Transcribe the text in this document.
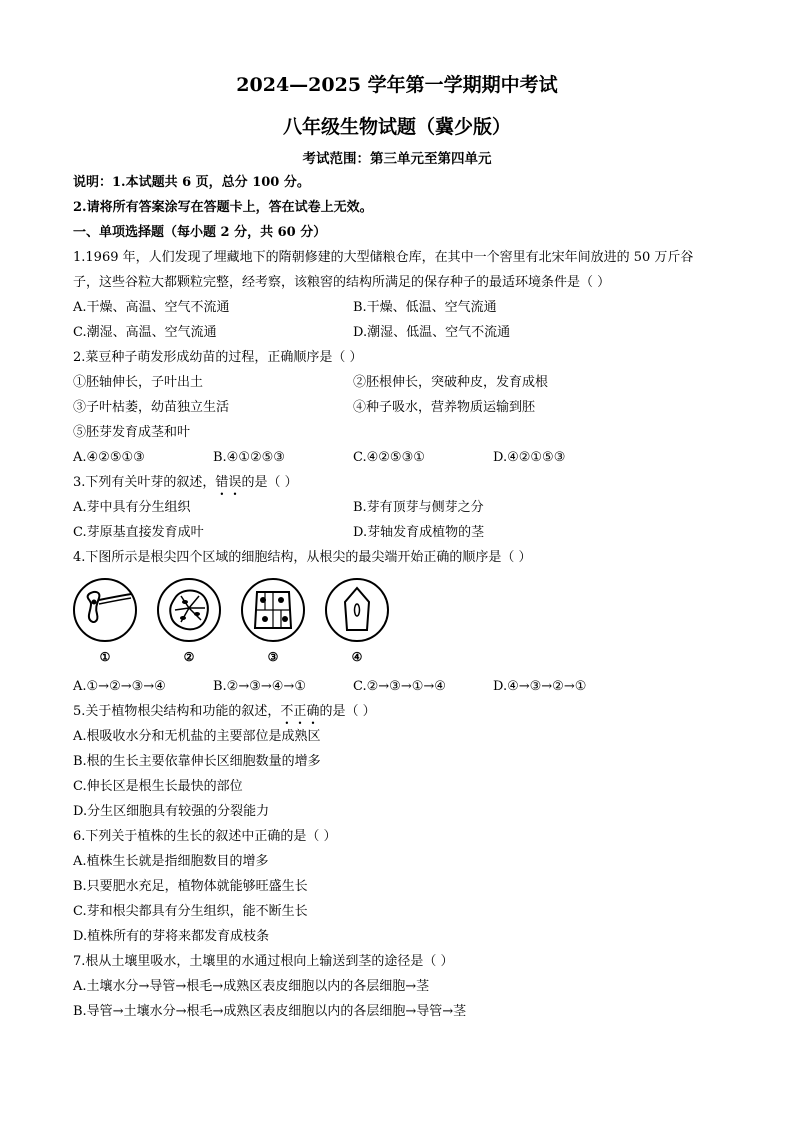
2024—2025 学年第一学期期中考试
八年级生物试题（冀少版）
考试范围：第三单元至第四单元
说明：1.本试题共 6 页，总分 100 分。
2.请将所有答案涂写在答题卡上，答在试卷上无效。
一、单项选择题（每小题 2 分，共 60 分）
1.1969 年，人们发现了埋藏地下的隋朝修建的大型储粮仓库，在其中一个窖里有北宋年间放进的 50 万斤谷
子，这些谷粒大都颗粒完整，经考察，该粮窖的结构所满足的保存种子的最适环境条件是（ ）
A.干燥、高温、空气不流通	B.干燥、低温、空气流通
C.潮湿、高温、空气流通	D.潮湿、低温、空气不流通
2.菜豆种子萌发形成幼苗的过程，正确顺序是（ ）
①胚轴伸长，子叶出土	②胚根伸长，突破种皮，发育成根
③子叶枯萎，幼苗独立生活	④种子吸水，营养物质运输到胚
⑤胚芽发育成茎和叶
A.④②⑤①③	B.④①②⑤③	C.④②⑤③①	D.④②①⑤③
3.下列有关叶芽的叙述，错误的是（ ）
A.芽中具有分生组织	B.芽有顶芽与侧芽之分
C.芽原基直接发育成叶	D.芽轴发育成植物的茎
4.下图所示是根尖四个区域的细胞结构，从根尖的最尖端开始正确的顺序是（ ）
①	②	③	④
A.①→②→③→④	B.②→③→④→①	C.②→③→①→④	D.④→③→②→①
5.关于植物根尖结构和功能的叙述，不正确的是（ ）
A.根吸收水分和无机盐的主要部位是成熟区
B.根的生长主要依靠伸长区细胞数量的增多
C.伸长区是根生长最快的部位
D.分生区细胞具有较强的分裂能力
6.下列关于植株的生长的叙述中正确的是（ ）
A.植株生长就是指细胞数目的增多
B.只要肥水充足，植物体就能够旺盛生长
C.芽和根尖都具有分生组织，能不断生长
D.植株所有的芽将来都发育成枝条
7.根从土壤里吸水，土壤里的水通过根向上输送到茎的途径是（ ）
A.土壤水分→导管→根毛→成熟区表皮细胞以内的各层细胞→茎
B.导管→土壤水分→根毛→成熟区表皮细胞以内的各层细胞→导管→茎
